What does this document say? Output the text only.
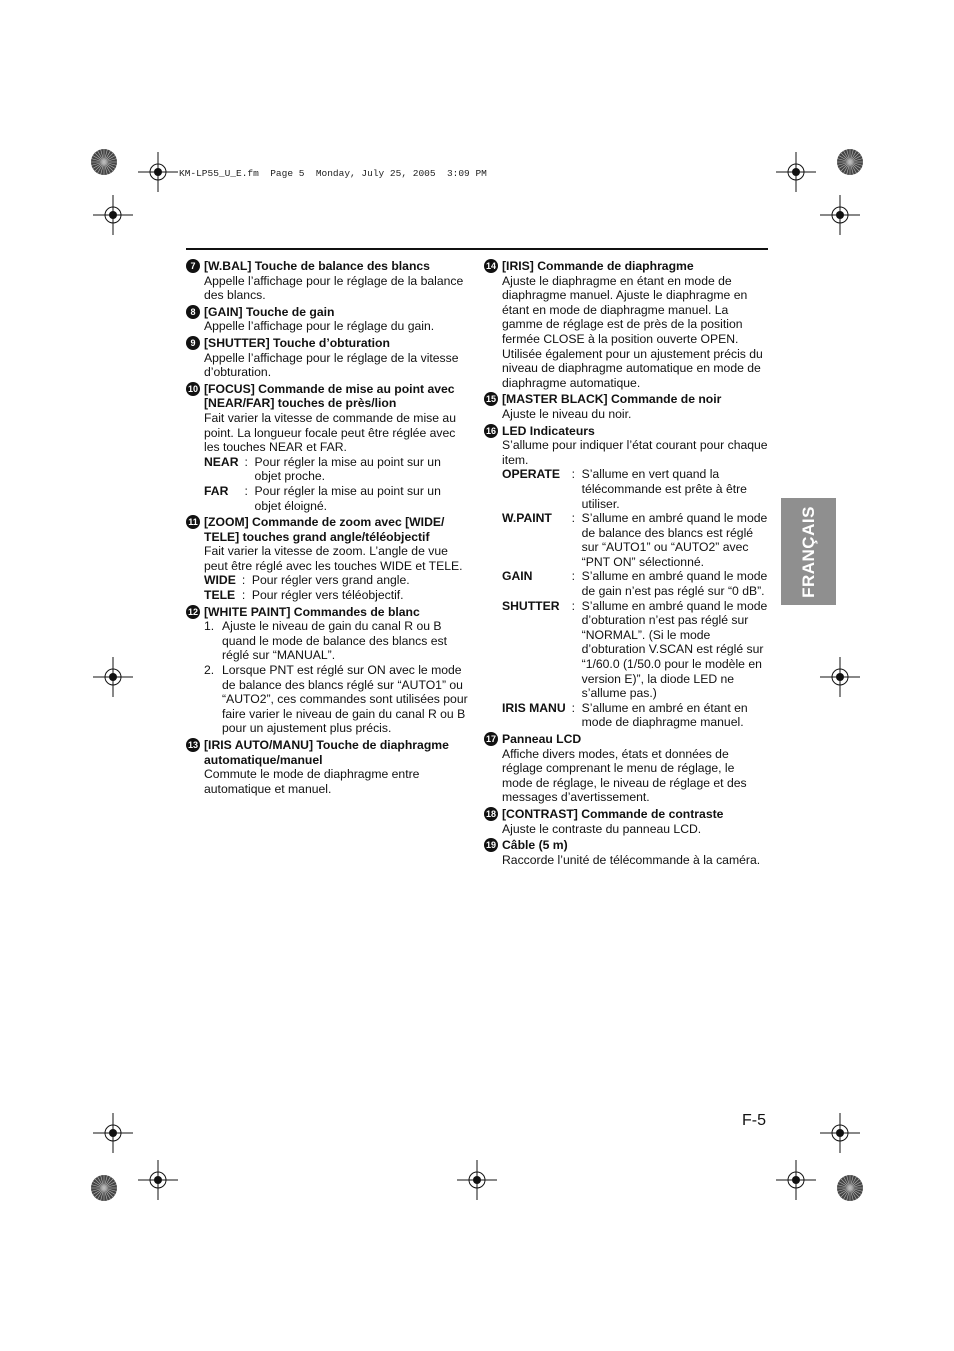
KM-LP55_U_E.fm  Page 5  Monday, July 25, 2005  3:09 PM
7 [W.BAL] Touche de balance des blancs
Appelle l’affichage pour le réglage de la balance des blancs.
8 [GAIN] Touche de gain
Appelle l’affichage pour le réglage du gain.
9 [SHUTTER] Touche d’obturation
Appelle l’affichage pour le réglage de la vitesse d’obturation.
10 [FOCUS] Commande de mise au point avec [NEAR/FAR] touches de près/lion
Fait varier la vitesse de commande de mise au point. La longueur focale peut être réglée avec les touches NEAR et FAR.
NEAR : Pour régler la mise au point sur un objet proche.
FAR	: Pour régler la mise au point sur un objet éloigné.
11 [ZOOM] Commande de zoom avec [WIDE/ TELE] touches grand angle/téléobjectif
Fait varier la vitesse de zoom. L’angle de vue peut être réglé avec les touches WIDE et TELE.
WIDE : Pour régler vers grand angle.
TELE : Pour régler vers téléobjectif.
12 [WHITE PAINT] Commandes de blanc
1. Ajuste le niveau de gain du canal R ou B quand le mode de balance des blancs est réglé sur “MANUAL”.
2. Lorsque PNT est réglé sur ON avec le mode de balance des blancs réglé sur “AUTO1” ou “AUTO2”, ces commandes sont utilisées pour faire varier le niveau de gain du canal R ou B pour un ajustement plus précis.
13 [IRIS AUTO/MANU] Touche de diaphragme automatique/manuel
Commute le mode de diaphragme entre automatique et manuel.
14 [IRIS] Commande de diaphragme
Ajuste le diaphragme en étant en mode de diaphragme manuel. Ajuste le diaphragme en étant en mode de diaphragme manuel. La gamme de réglage est de près de la position fermée CLOSE à la position ouverte OPEN. Utilisée également pour un ajustement précis du niveau de diaphragme automatique en mode de diaphragme automatique.
15 [MASTER BLACK] Commande de noir
Ajuste le niveau du noir.
16 LED Indicateurs
S’allume pour indiquer l’état courant pour chaque item.
OPERATE : S’allume en vert quand la télécommande est prête à être utiliser.
W.PAINT	: S’allume en ambré quand le mode de balance des blancs est réglé sur “AUTO1” ou “AUTO2” avec “PNT ON” sélectionné.
GAIN	: S’allume en ambré quand le mode de gain n’est pas réglé sur “0 dB”.
SHUTTER : S’allume en ambré quand le mode d’obturation n’est pas réglé sur “NORMAL”. (Si le mode d’obturation V.SCAN est réglé sur “1/60.0 (1/50.0 pour le modèle en version E)”, la diode LED ne s’allume pas.)
IRIS MANU : S’allume en ambré en étant en mode de diaphragme manuel.
17 Panneau LCD
Affiche divers modes, états et données de réglage comprenant le menu de réglage, le mode de réglage, le niveau de réglage et des messages d’avertissement.
18 [CONTRAST] Commande de contraste
Ajuste le contraste du panneau LCD.
19 Câble (5 m)
Raccorde l’unité de télécommande à la caméra.
FRANÇAIS
F-5
